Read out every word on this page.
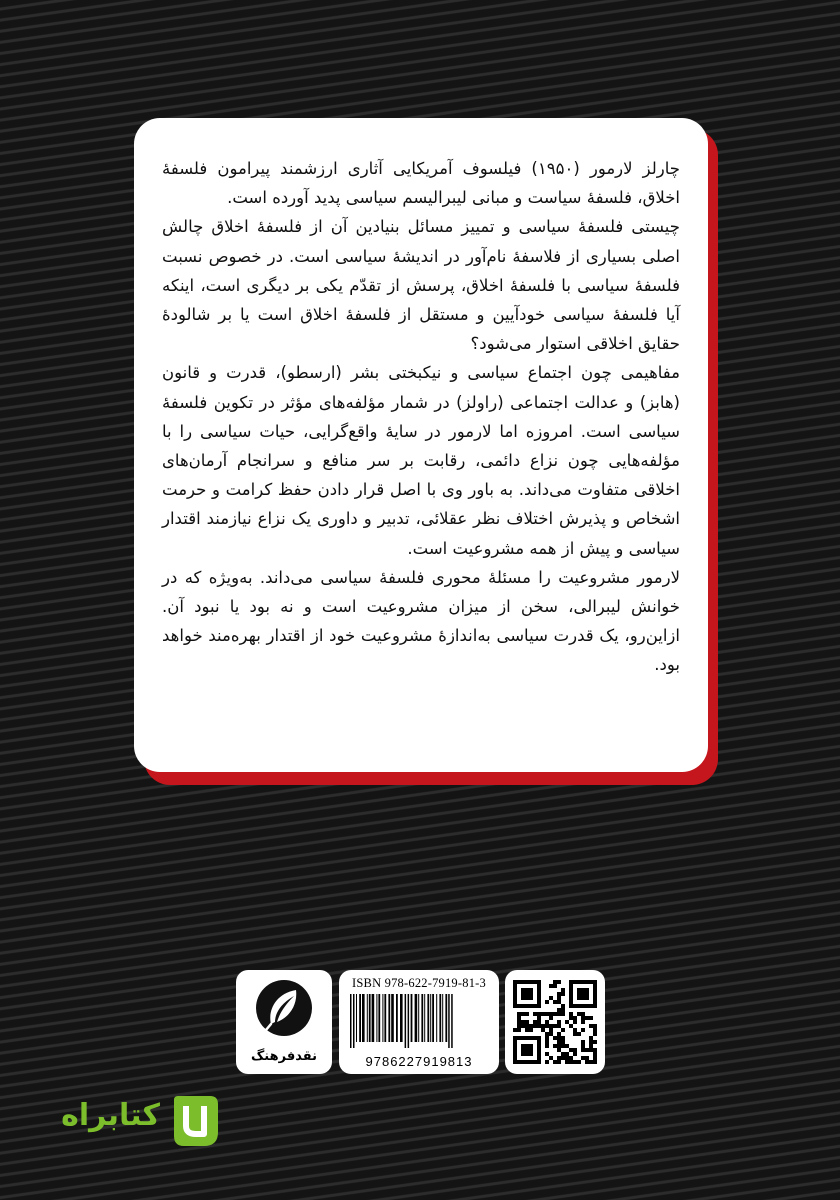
چارلز لارمور (۱۹۵۰) فیلسوف آمریکایی آثاری ارزشمند پیرامون فلسفهٔ اخلاق، فلسفهٔ سیاست و مبانی لیبرالیسم سیاسی پدید آورده است.

چیستی فلسفهٔ سیاسی و تمییز مسائل بنیادین آن از فلسفهٔ اخلاق چالش اصلی بسیاری از فلاسفهٔ نام‌آور در اندیشهٔ سیاسی است. در خصوص نسبت فلسفهٔ سیاسی با فلسفهٔ اخلاق، پرسش از تقدّم یکی بر دیگری است، اینکه آیا فلسفهٔ سیاسی خودآیین و مستقل از فلسفهٔ اخلاق است یا بر شالودهٔ حقایق اخلاقی استوار می‌شود؟

مفاهیمی چون اجتماع سیاسی و نیکبختی بشر (ارسطو)، قدرت و قانون (هابز) و عدالت اجتماعی (راولز) در شمار مؤلفه‌های مؤثر در تکوین فلسفهٔ سیاسی است. امروزه اما لارمور در سایهٔ واقع‌گرایی، حیات سیاسی را با مؤلفه‌هایی چون نزاع دائمی، رقابت بر سر منافع و سرانجام آرمان‌های اخلاقی متفاوت می‌داند. به باور وی با اصل قرار دادن حفظ کرامت و حرمت اشخاص و پذیرش اختلاف نظر عقلائی، تدبیر و داوری یک نزاع نیازمند اقتدار سیاسی و پیش از همه مشروعیت است.

لارمور مشروعیت را مسئلهٔ محوری فلسفهٔ سیاسی می‌داند. به‌ویژه که در خوانش لیبرالی، سخن از میزان مشروعیت است و نه بود یا نبود آن. ازاین‌رو، یک قدرت سیاسی به‌اندازهٔ مشروعیت خود از اقتدار بهره‌مند خواهد بود.

نقدفرهنگ
ISBN 978-622-7919-81-3
9786227919813
کتابراه
